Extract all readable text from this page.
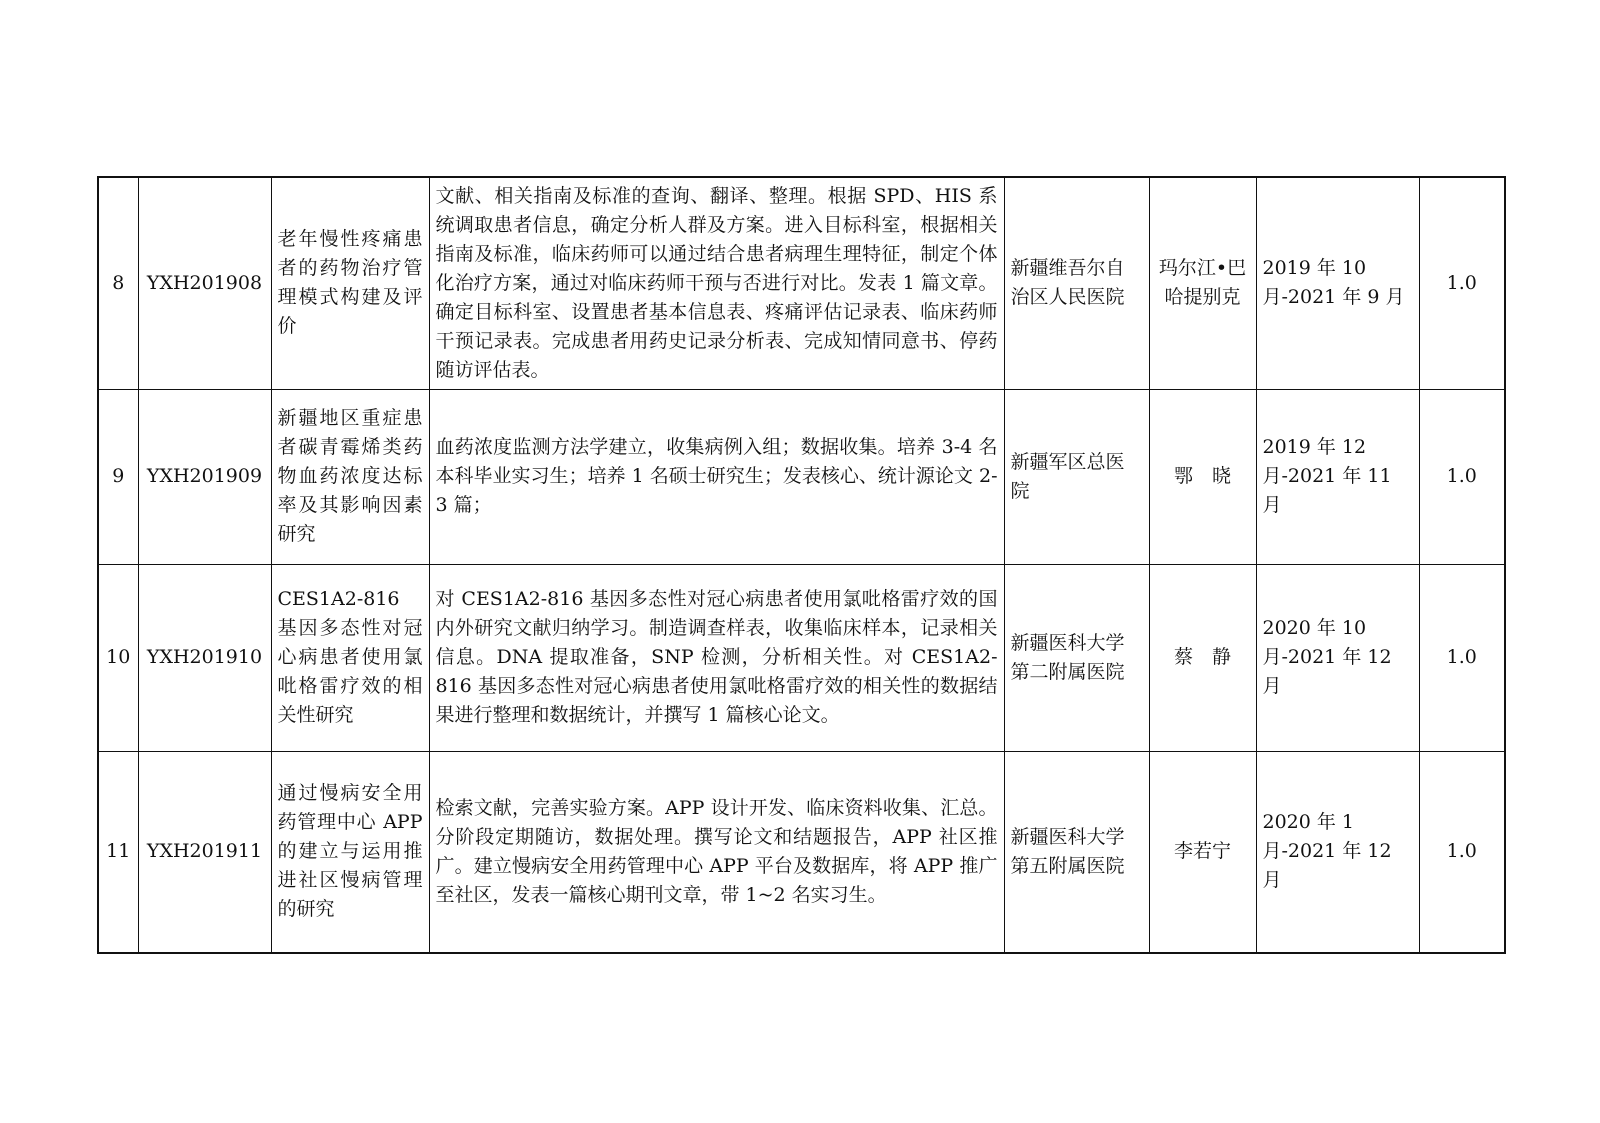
8	YXH201908	老年慢性疼痛患者的药物治疗管理模式构建及评价	文献、相关指南及标准的查询、翻译、整理。根据 SPD、HIS 系统调取患者信息，确定分析人群及方案。进入目标科室，根据相关指南及标准，临床药师可以通过结合患者病理生理特征，制定个体化治疗方案，通过对临床药师干预与否进行对比。发表 1 篇文章。确定目标科室、设置患者基本信息表、疼痛评估记录表、临床药师干预记录表。完成患者用药史记录分析表、完成知情同意书、停药随访评估表。	新疆维吾尔自治区人民医院	玛尔江•巴哈提别克	2019 年 10 月-2021 年 9 月	1.0
9	YXH201909	新疆地区重症患者碳青霉烯类药物血药浓度达标率及其影响因素研究	血药浓度监测方法学建立，收集病例入组；数据收集。培养 3-4 名本科毕业实习生；培养 1 名硕士研究生；发表核心、统计源论文 2-3 篇；	新疆军区总医院	鄂　晓	2019 年 12 月-2021 年 11 月	1.0
10	YXH201910	CES1A2-816 基因多态性对冠心病患者使用氯吡格雷疗效的相关性研究	对 CES1A2-816 基因多态性对冠心病患者使用氯吡格雷疗效的国内外研究文献归纳学习。制造调查样表，收集临床样本，记录相关信息。DNA 提取准备，SNP 检测，分析相关性。对 CES1A2-816 基因多态性对冠心病患者使用氯吡格雷疗效的相关性的数据结果进行整理和数据统计，并撰写 1 篇核心论文。	新疆医科大学第二附属医院	蔡　静	2020 年 10 月-2021 年 12 月	1.0
11	YXH201911	通过慢病安全用药管理中心 APP 的建立与运用推进社区慢病管理的研究	检索文献，完善实验方案。APP 设计开发、临床资料收集、汇总。分阶段定期随访，数据处理。撰写论文和结题报告，APP 社区推广。建立慢病安全用药管理中心 APP 平台及数据库，将 APP 推广至社区，发表一篇核心期刊文章，带 1~2 名实习生。	新疆医科大学第五附属医院	李若宁	2020 年 1 月-2021 年 12 月	1.0
